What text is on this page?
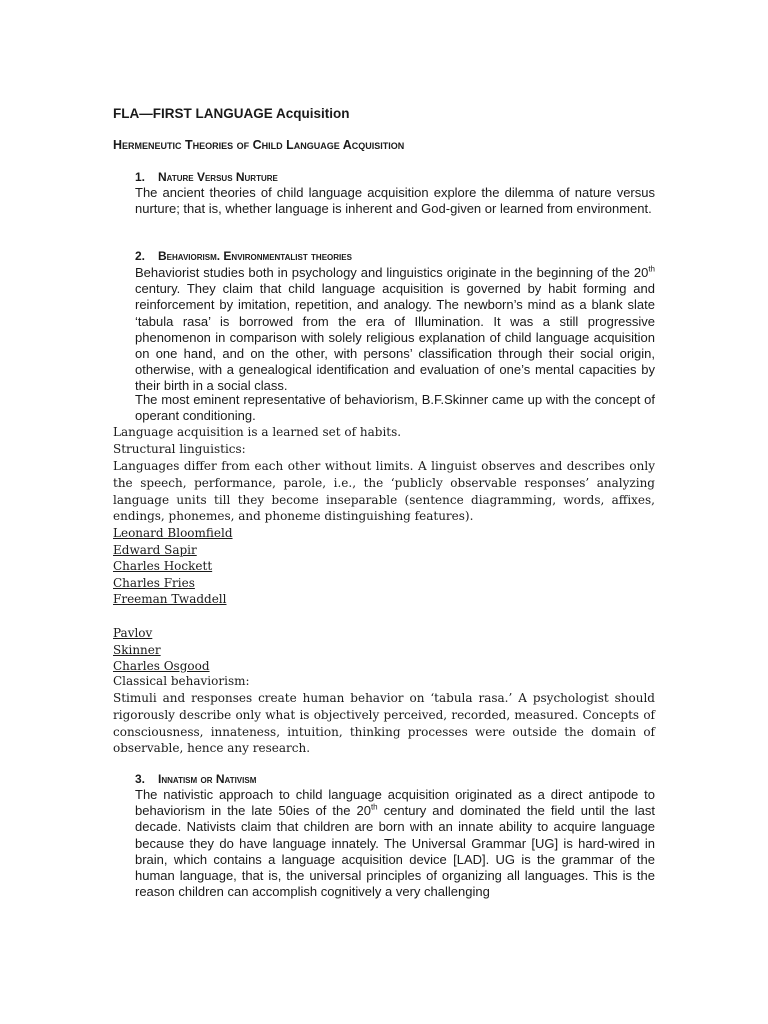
FLA—FIRST LANGUAGE Acquisition
Hermeneutic Theories of Child Language Acquisition
1. Nature Versus Nurture
The ancient theories of child language acquisition explore the dilemma of nature versus nurture; that is, whether language is inherent and God-given or learned from environment.
2. Behaviorism. Environmentalist theories
Behaviorist studies both in psychology and linguistics originate in the beginning of the 20th century. They claim that child language acquisition is governed by habit forming and reinforcement by imitation, repetition, and analogy. The newborn’s mind as a blank slate ‘tabula rasa’ is borrowed from the era of Illumination. It was a still progressive phenomenon in comparison with solely religious explanation of child language acquisition on one hand, and on the other, with persons’ classification through their social origin, otherwise, with a genealogical identification and evaluation of one’s mental capacities by their birth in a social class.
The most eminent representative of behaviorism, B.F.Skinner came up with the concept of operant conditioning.
Language acquisition is a learned set of habits.
Structural linguistics:
Languages differ from each other without limits. A linguist observes and describes only the speech, performance, parole, i.e., the ‘publicly observable responses’ analyzing language units till they become inseparable (sentence diagramming, words, affixes, endings, phonemes, and phoneme distinguishing features).
Leonard Bloomfield
Edward Sapir
Charles Hockett
Charles Fries
Freeman Twaddell
Pavlov
Skinner
Charles Osgood
Classical behaviorism:
Stimuli and responses create human behavior on ‘tabula rasa.’ A psychologist should rigorously describe only what is objectively perceived, recorded, measured. Concepts of consciousness, innateness, intuition, thinking processes were outside the domain of observable, hence any research.
3. Innatism or Nativism
The nativistic approach to child language acquisition originated as a direct antipode to behaviorism in the late 50ies of the 20th century and dominated the field until the last decade. Nativists claim that children are born with an innate ability to acquire language because they do have language innately. The Universal Grammar [UG] is hard-wired in brain, which contains a language acquisition device [LAD]. UG is the grammar of the human language, that is, the universal principles of organizing all languages. This is the reason children can accomplish cognitively a very challenging
